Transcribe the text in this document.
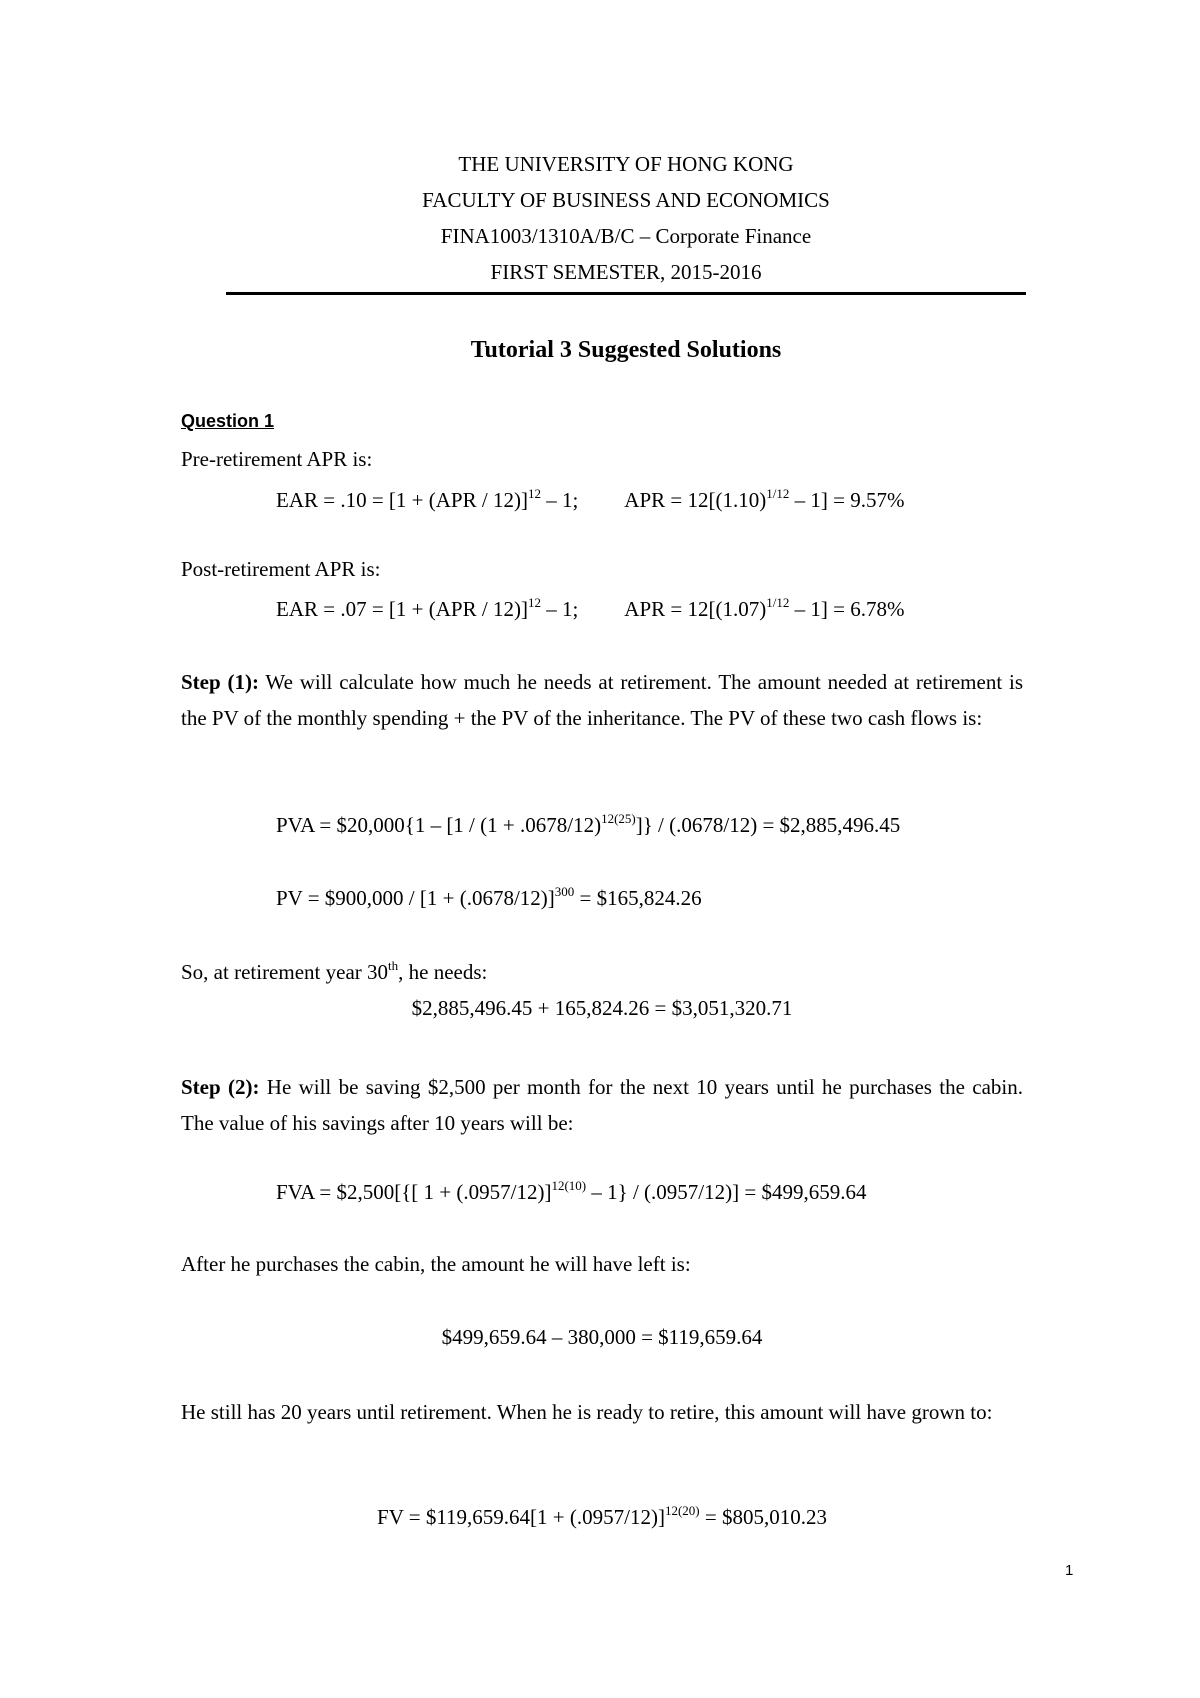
THE UNIVERSITY OF HONG KONG
FACULTY OF BUSINESS AND ECONOMICS
FINA1003/1310A/B/C – Corporate Finance
FIRST SEMESTER, 2015-2016
Tutorial 3 Suggested Solutions
Question 1
Pre-retirement APR is:
EAR = $.10 = [1 + (APR / 12)]^{12} - 1$; APR = $12[(1.10)^{1/12} - 1] = 9.57\%$
Post-retirement APR is:
EAR = $.07 = [1 + (APR / 12)]^{12} - 1$; APR = $12[(1.07)^{1/12} - 1] = 6.78\%$
Step (1): We will calculate how much he needs at retirement. The amount needed at retirement is the PV of the monthly spending + the PV of the inheritance. The PV of these two cash flows is:
PVA = $20,000{1 – $[1 / (1 + .0678/12)^{12(25)}]\} / (.0678/12)$ = $2,885,496.45
PV = $900,000 / $[1 + (.0678/12)]^{300}$ = $165,824.26
So, at retirement year 30th, he needs:
$2,885,496.45 + 165,824.26 = $3,051,320.71
Step (2): He will be saving $2,500 per month for the next 10 years until he purchases the cabin. The value of his savings after 10 years will be:
FVA = $2,500[{[ 1 + (.0957/12)]$^{12(10)}$ – 1} / (.0957/12)] = $499,659.64
After he purchases the cabin, the amount he will have left is:
$499,659.64 – 380,000 = $119,659.64
He still has 20 years until retirement. When he is ready to retire, this amount will have grown to:
FV = $119,659.64[1 + (.0957/12)]$^{12(20)}$ = $805,010.23
1
